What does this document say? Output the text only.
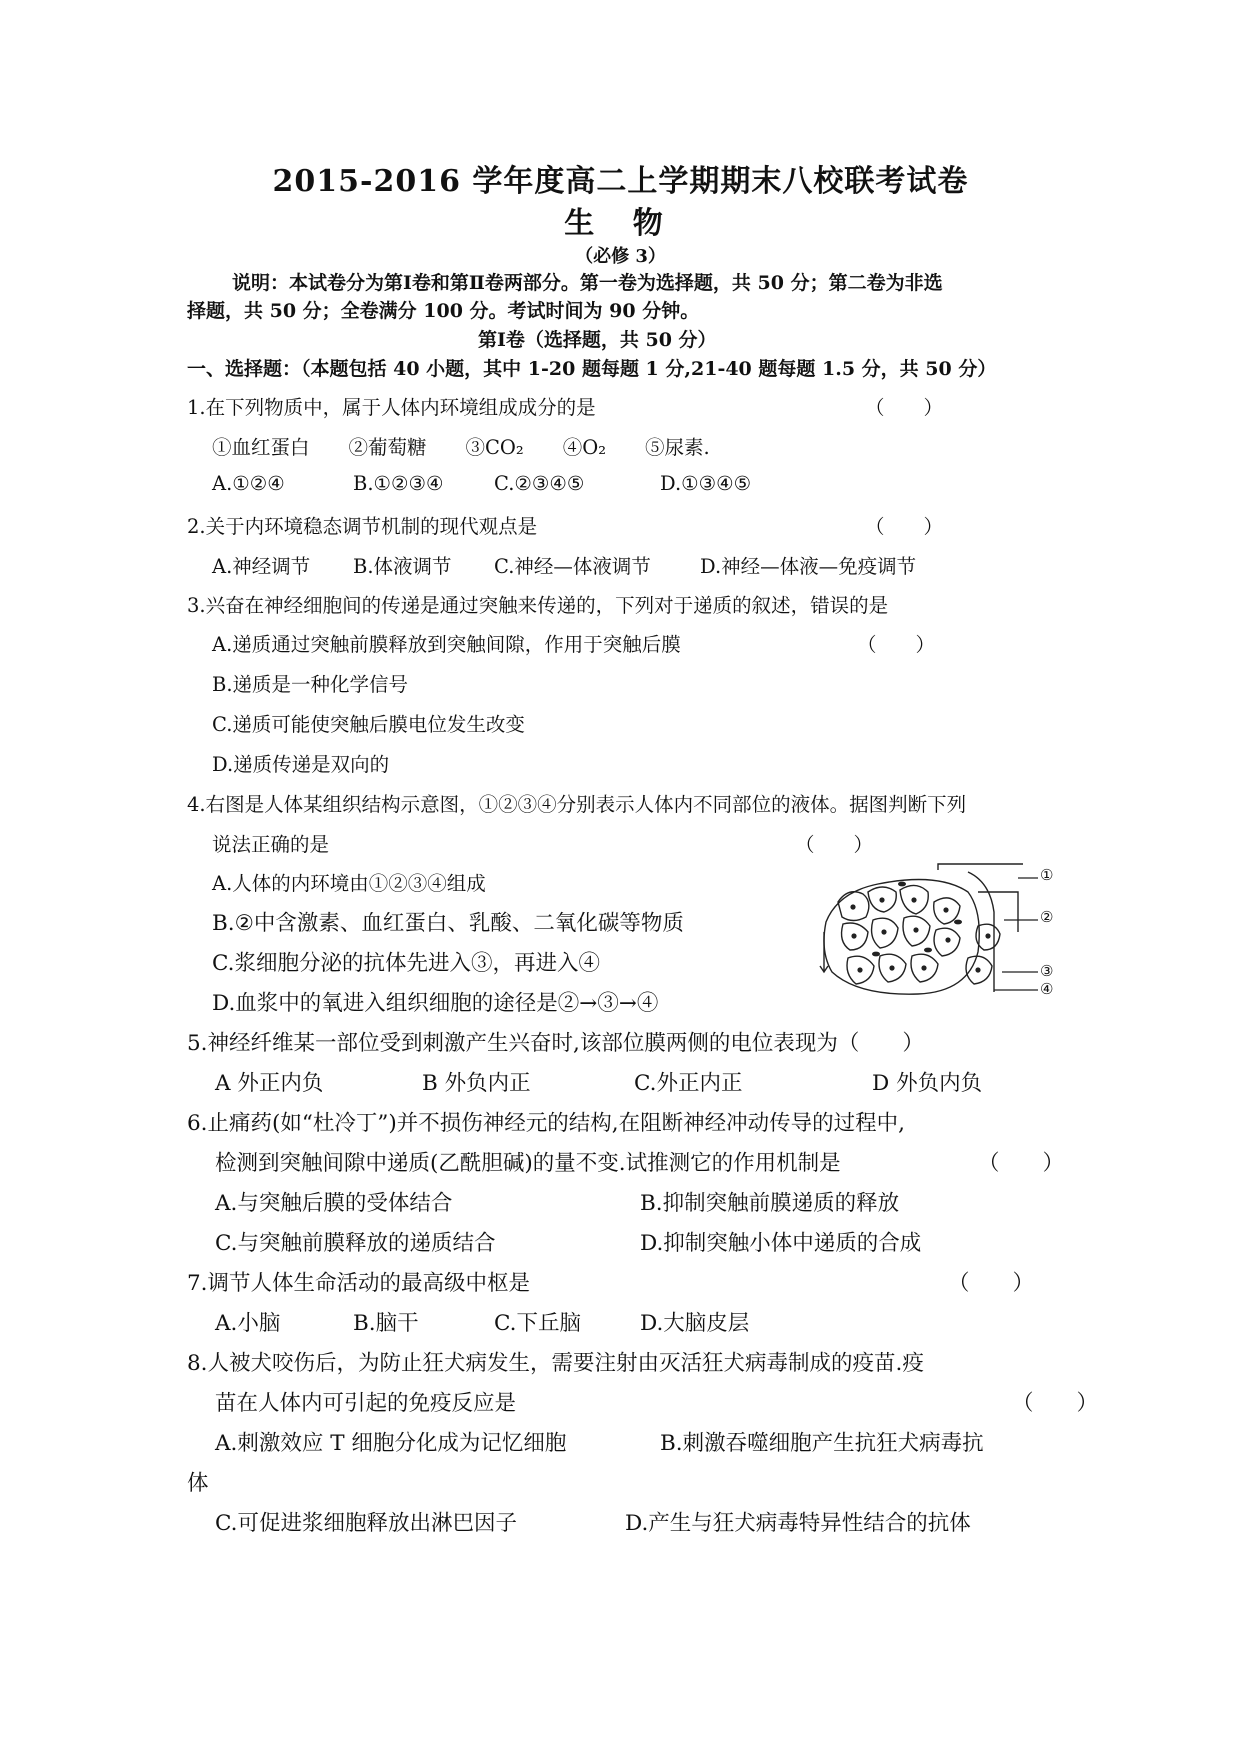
2015-2016 学年度高二上学期期末八校联考试卷
生 物
（必修 3）
说明：本试卷分为第Ⅰ卷和第Ⅱ卷两部分。第一卷为选择题，共 50 分；第二卷为非选
择题，共 50 分；全卷满分 100 分。考试时间为 90 分钟。
第Ⅰ卷（选择题，共 50 分）
一、选择题：（本题包括 40 小题，其中 1-20 题每题 1 分,21-40 题每题 1.5 分，共 50 分）
1.在下列物质中，属于人体内环境组成成分的是	（　　）
①血红蛋白　　②葡萄糖　　③CO₂　　④O₂　　⑤尿素.
A.①②④	B.①②③④	C.②③④⑤	D.①③④⑤
2.关于内环境稳态调节机制的现代观点是	（　　）
A.神经调节 B.体液调节 C.神经—体液调节	D.神经—体液—免疫调节
3.兴奋在神经细胞间的传递是通过突触来传递的，下列对于递质的叙述，错误的是
A.递质通过突触前膜释放到突触间隙，作用于突触后膜	（　　）
B.递质是一种化学信号
C.递质可能使突触后膜电位发生改变
D.递质传递是双向的
4.右图是人体某组织结构示意图，①②③④分别表示人体内不同部位的液体。据图判断下列
说法正确的是	（　　）
A.人体的内环境由①②③④组成
B.②中含激素、血红蛋白、乳酸、二氧化碳等物质
C.浆细胞分泌的抗体先进入③，再进入④
D.血浆中的氧进入组织细胞的途径是②→③→④
①
②
③
④
5.神经纤维某一部位受到刺激产生兴奋时,该部位膜两侧的电位表现为（　　）
A 外正内负	B 外负内正	C.外正内正	D 外负内负
6.止痛药(如“杜冷丁”)并不损伤神经元的结构,在阻断神经冲动传导的过程中,
检测到突触间隙中递质(乙酰胆碱)的量不变.试推测它的作用机制是	（　　）
A.与突触后膜的受体结合	B.抑制突触前膜递质的释放
C.与突触前膜释放的递质结合	D.抑制突触小体中递质的合成
7.调节人体生命活动的最高级中枢是	（　　）
A.小脑	B.脑干	C.下丘脑	D.大脑皮层
8.人被犬咬伤后，为防止狂犬病发生，需要注射由灭活狂犬病毒制成的疫苗.疫
苗在人体内可引起的免疫反应是	（　　）
A.刺激效应 T 细胞分化成为记忆细胞	B.刺激吞噬细胞产生抗狂犬病毒抗
体
C.可促进浆细胞释放出淋巴因子	D.产生与狂犬病毒特异性结合的抗体
